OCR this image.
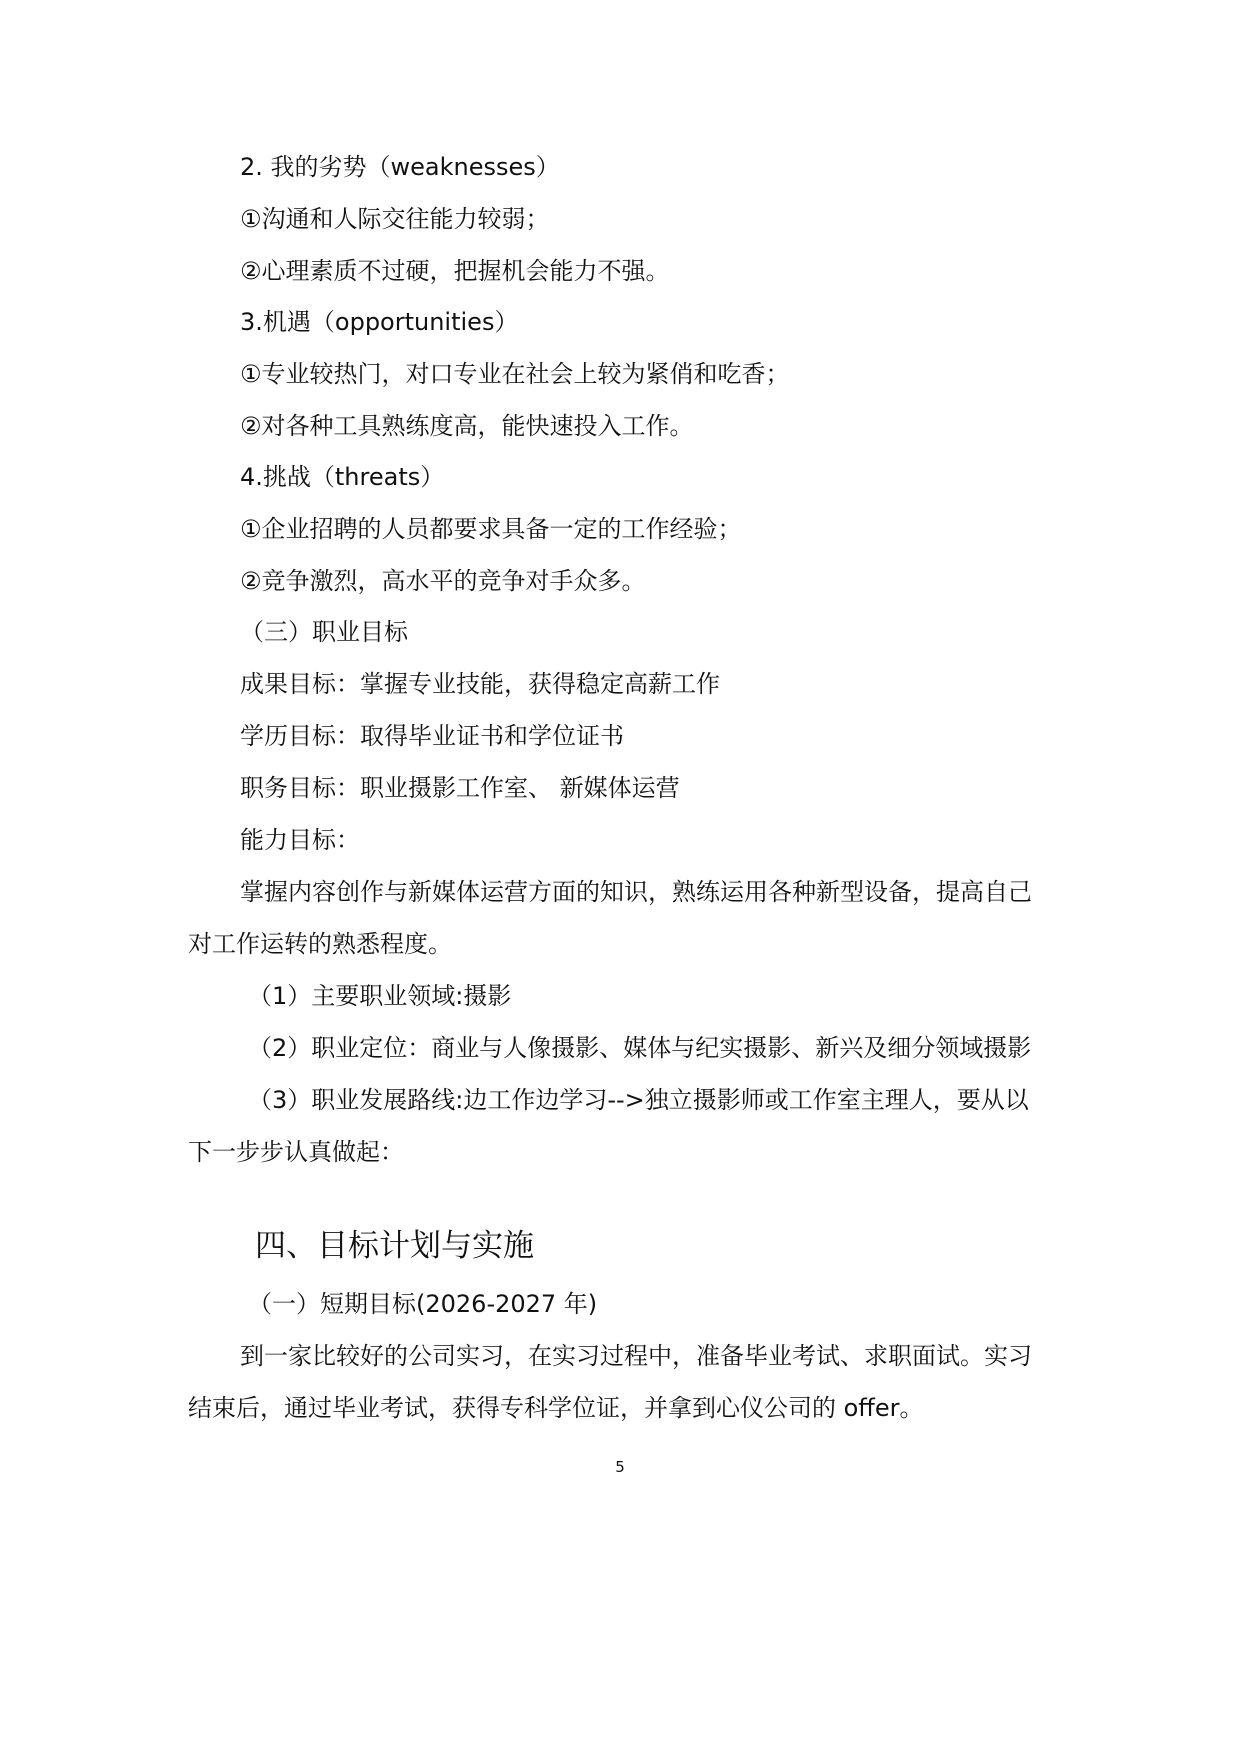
2. 我的劣势（weaknesses）
①沟通和人际交往能力较弱；
②心理素质不过硬，把握机会能力不强。
3.机遇（opportunities）
①专业较热门，对口专业在社会上较为紧俏和吃香；
②对各种工具熟练度高，能快速投入工作。
4.挑战（threats）
①企业招聘的人员都要求具备一定的工作经验；
②竞争激烈，高水平的竞争对手众多。
（三）职业目标
成果目标：掌握专业技能，获得稳定高薪工作
学历目标：取得毕业证书和学位证书
职务目标：职业摄影工作室、 新媒体运营
能力目标：
掌握内容创作与新媒体运营方面的知识，熟练运用各种新型设备，提高自己
对工作运转的熟悉程度。
（1）主要职业领域:摄影
（2）职业定位：商业与人像摄影、媒体与纪实摄影、新兴及细分领域摄影
（3）职业发展路线:边工作边学习-->独立摄影师或工作室主理人，要从以
下一步步认真做起：
四、目标计划与实施
（一）短期目标(2026-2027 年)
到一家比较好的公司实习，在实习过程中，准备毕业考试、求职面试。实习
结束后，通过毕业考试，获得专科学位证，并拿到心仪公司的 offer。
5
